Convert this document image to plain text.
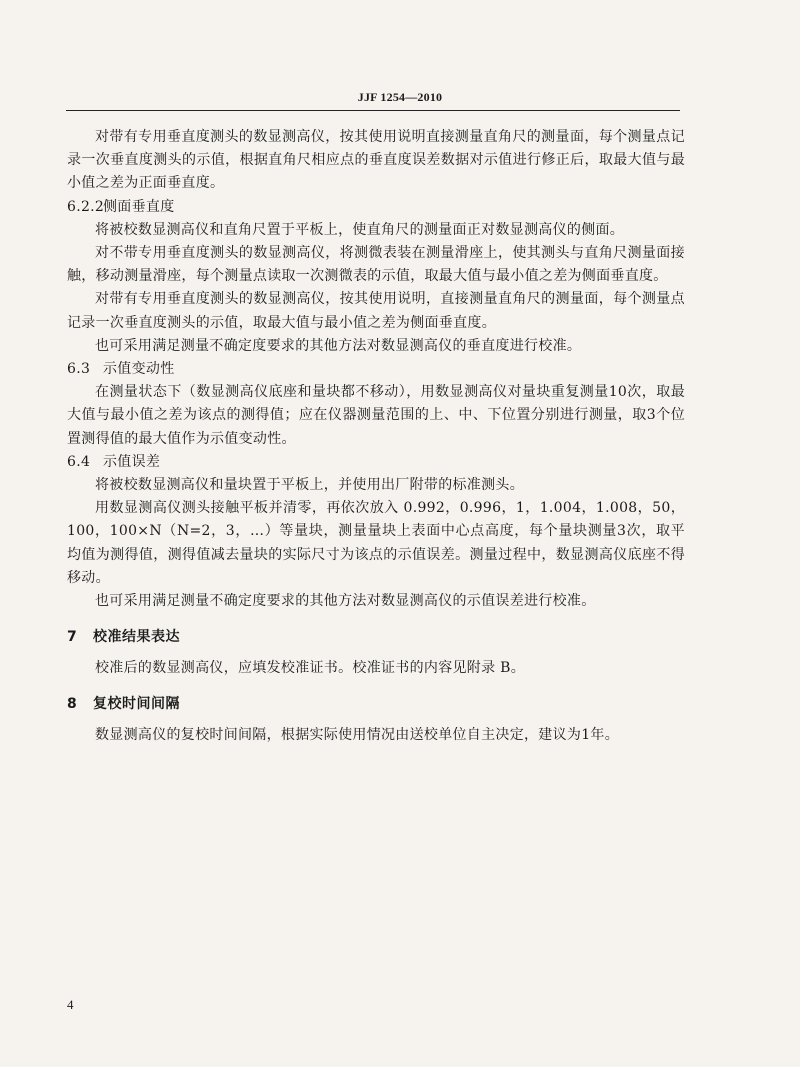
JJF 1254—2010

对带有专用垂直度测头的数显测高仪，按其使用说明直接测量直角尺的测量面，每个测量点记录一次垂直度测头的示值，根据直角尺相应点的垂直度误差数据对示值进行修正后，取最大值与最小值之差为正面垂直度。

6.2.2侧面垂直度

将被校数显测高仪和直角尺置于平板上，使直角尺的测量面正对数显测高仪的侧面。

对不带专用垂直度测头的数显测高仪，将测微表装在测量滑座上，使其测头与直角尺测量面接触，移动测量滑座，每个测量点读取一次测微表的示值，取最大值与最小值之差为侧面垂直度。

对带有专用垂直度测头的数显测高仪，按其使用说明，直接测量直角尺的测量面，每个测量点记录一次垂直度测头的示值，取最大值与最小值之差为侧面垂直度。

也可采用满足测量不确定度要求的其他方法对数显测高仪的垂直度进行校准。

6.3 示值变动性

在测量状态下（数显测高仪底座和量块都不移动），用数显测高仪对量块重复测量10次，取最大值与最小值之差为该点的测得值；应在仪器测量范围的上、中、下位置分别进行测量，取3个位置测得值的最大值作为示值变动性。

6.4 示值误差

将被校数显测高仪和量块置于平板上，并使用出厂附带的标准测头。

用数显测高仪测头接触平板并清零，再依次放入 0.992，0.996，1，1.004，1.008，50，100，100×N（N=2，3，…）等量块，测量量块上表面中心点高度，每个量块测量3次，取平均值为测得值，测得值减去量块的实际尺寸为该点的示值误差。测量过程中，数显测高仪底座不得移动。

也可采用满足测量不确定度要求的其他方法对数显测高仪的示值误差进行校准。

7 校准结果表达

校准后的数显测高仪，应填发校准证书。校准证书的内容见附录 B。

8 复校时间间隔

数显测高仪的复校时间间隔，根据实际使用情况由送校单位自主决定，建议为1年。

4
